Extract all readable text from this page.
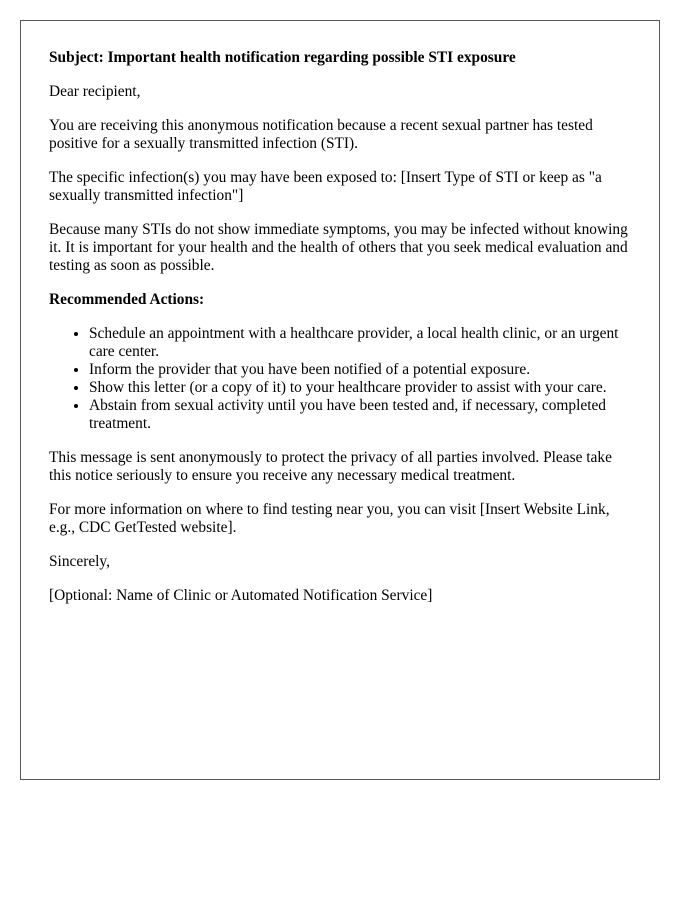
Subject: Important health notification regarding possible STI exposure

Dear recipient,

You are receiving this anonymous notification because a recent sexual partner has tested positive for a sexually transmitted infection (STI).

The specific infection(s) you may have been exposed to: [Insert Type of STI or keep as "a sexually transmitted infection"]

Because many STIs do not show immediate symptoms, you may be infected without knowing it. It is important for your health and the health of others that you seek medical evaluation and testing as soon as possible.

Recommended Actions:

• Schedule an appointment with a healthcare provider, a local health clinic, or an urgent care center.
• Inform the provider that you have been notified of a potential exposure.
• Show this letter (or a copy of it) to your healthcare provider to assist with your care.
• Abstain from sexual activity until you have been tested and, if necessary, completed treatment.

This message is sent anonymously to protect the privacy of all parties involved. Please take this notice seriously to ensure you receive any necessary medical treatment.

For more information on where to find testing near you, you can visit [Insert Website Link, e.g., CDC GetTested website].

Sincerely,

[Optional: Name of Clinic or Automated Notification Service]
